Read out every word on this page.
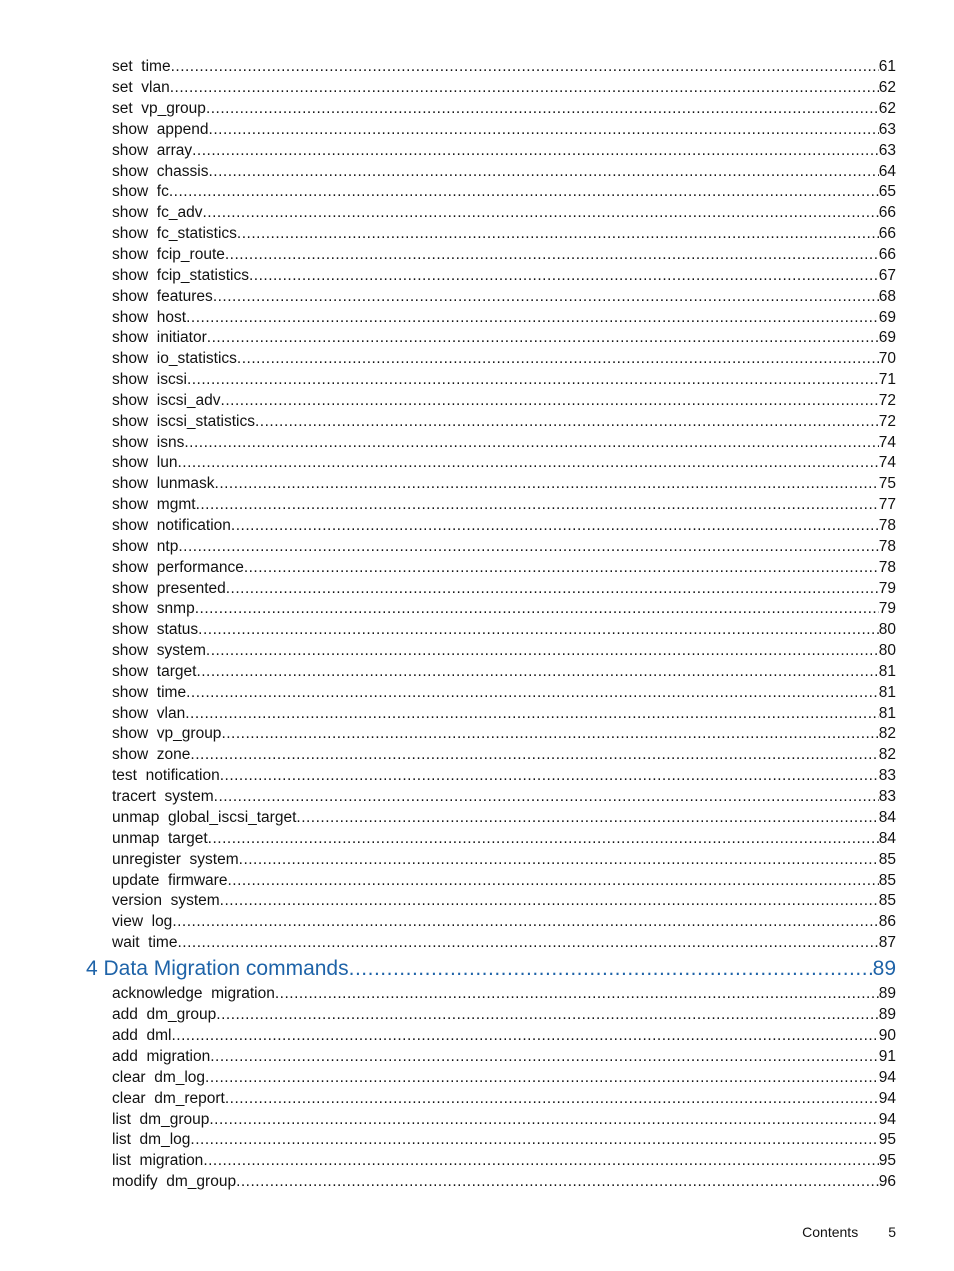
set  time .....	61
set  vlan .....	62
set  vp_group .....	62
show  append .....	63
show  array .....	63
show  chassis .....	64
show  fc .....	65
show  fc_adv .....	66
show  fc_statistics .....	66
show  fcip_route .....	66
show  fcip_statistics .....	67
show  features .....	68
show  host .....	69
show  initiator .....	69
show  io_statistics .....	70
show  iscsi .....	71
show  iscsi_adv .....	72
show  iscsi_statistics .....	72
show  isns .....	74
show  lun .....	74
show  lunmask .....	75
show  mgmt .....	77
show  notification .....	78
show  ntp .....	78
show  performance .....	78
show  presented .....	79
show  snmp .....	79
show  status .....	80
show  system .....	80
show  target .....	81
show  time .....	81
show  vlan .....	81
show  vp_group .....	82
show  zone .....	82
test  notification .....	83
tracert  system .....	83
unmap  global_iscsi_target .....	84
unmap  target .....	84
unregister  system .....	85
update  firmware .....	85
version  system .....	85
view  log .....	86
wait  time .....	87
4 Data Migration commands .....	89
acknowledge  migration .....	89
add  dm_group .....	89
add  dml .....	90
add  migration .....	91
clear  dm_log .....	94
clear  dm_report .....	94
list  dm_group .....	94
list  dm_log .....	95
list  migration .....	95
modify  dm_group .....	96
Contents 5
